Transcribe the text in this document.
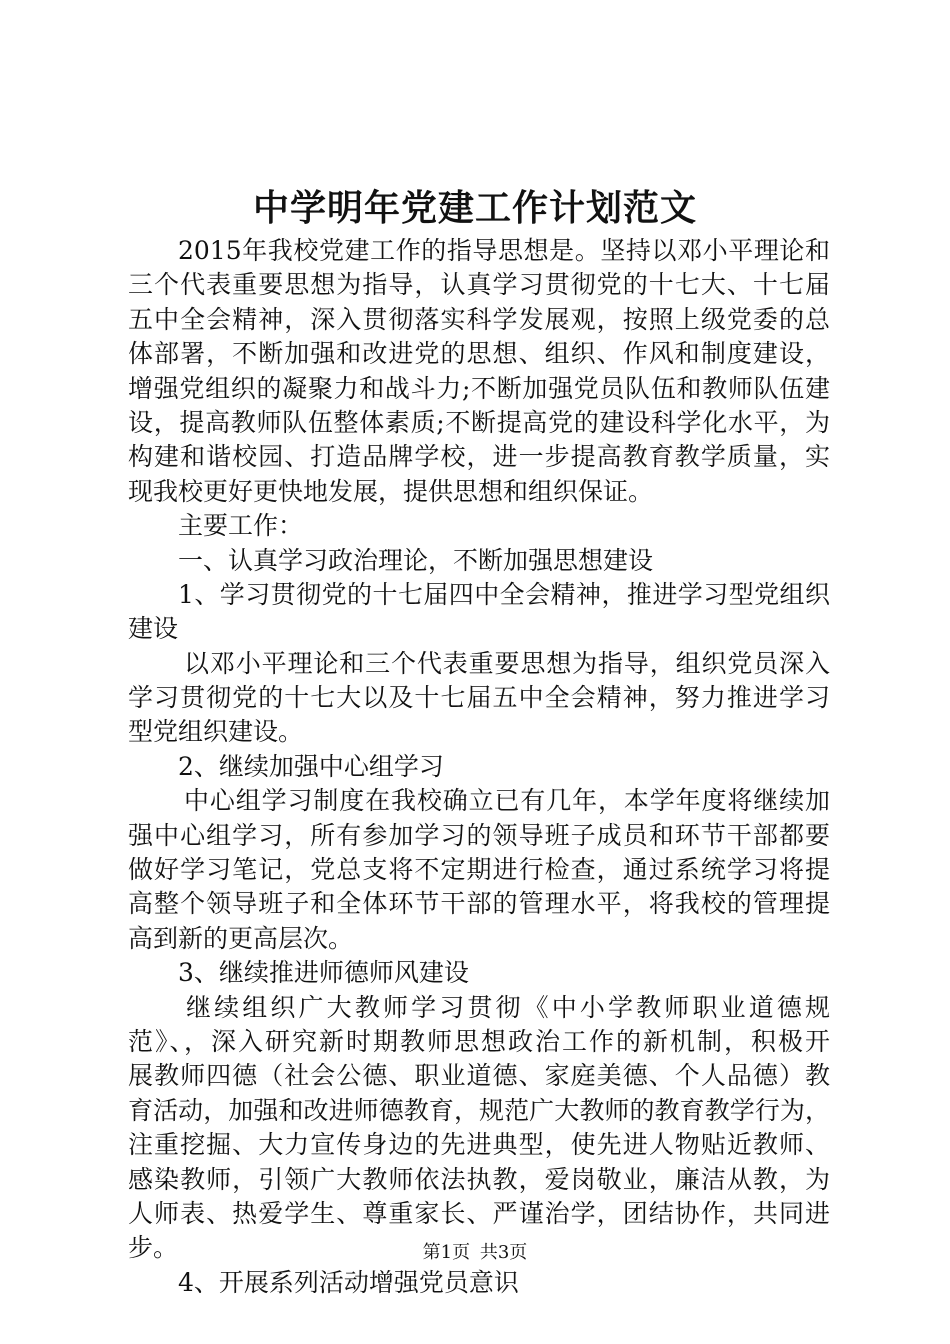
中学明年党建工作计划范文
2015年我校党建工作的指导思想是。坚持以邓小平理论和
三个代表重要思想为指导，认真学习贯彻党的十七大、十七届
五中全会精神，深入贯彻落实科学发展观，按照上级党委的总
体部署，不断加强和改进党的思想、组织、作风和制度建设，
增强党组织的凝聚力和战斗力;不断加强党员队伍和教师队伍建
设，提高教师队伍整体素质;不断提高党的建设科学化水平，为
构建和谐校园、打造品牌学校，进一步提高教育教学质量，实
现我校更好更快地发展，提供思想和组织保证。
主要工作：
一、认真学习政治理论，不断加强思想建设
1、学习贯彻党的十七届四中全会精神，推进学习型党组织
建设
以邓小平理论和三个代表重要思想为指导，组织党员深入
学习贯彻党的十七大以及十七届五中全会精神，努力推进学习
型党组织建设。
2、继续加强中心组学习
中心组学习制度在我校确立已有几年，本学年度将继续加
强中心组学习，所有参加学习的领导班子成员和环节干部都要
做好学习笔记，党总支将不定期进行检查，通过系统学习将提
高整个领导班子和全体环节干部的管理水平，将我校的管理提
高到新的更高层次。
3、继续推进师德师风建设
继续组织广大教师学习贯彻《中小学教师职业道德规
范》、，深入研究新时期教师思想政治工作的新机制，积极开
展教师四德（社会公德、职业道德、家庭美德、个人品德）教
育活动，加强和改进师德教育，规范广大教师的教育教学行为，
注重挖掘、大力宣传身边的先进典型，使先进人物贴近教师、
感染教师，引领广大教师依法执教，爱岗敬业，廉洁从教，为
人师表、热爱学生、尊重家长、严谨治学，团结协作，共同进
步。
4、开展系列活动增强党员意识
第1页 共3页
